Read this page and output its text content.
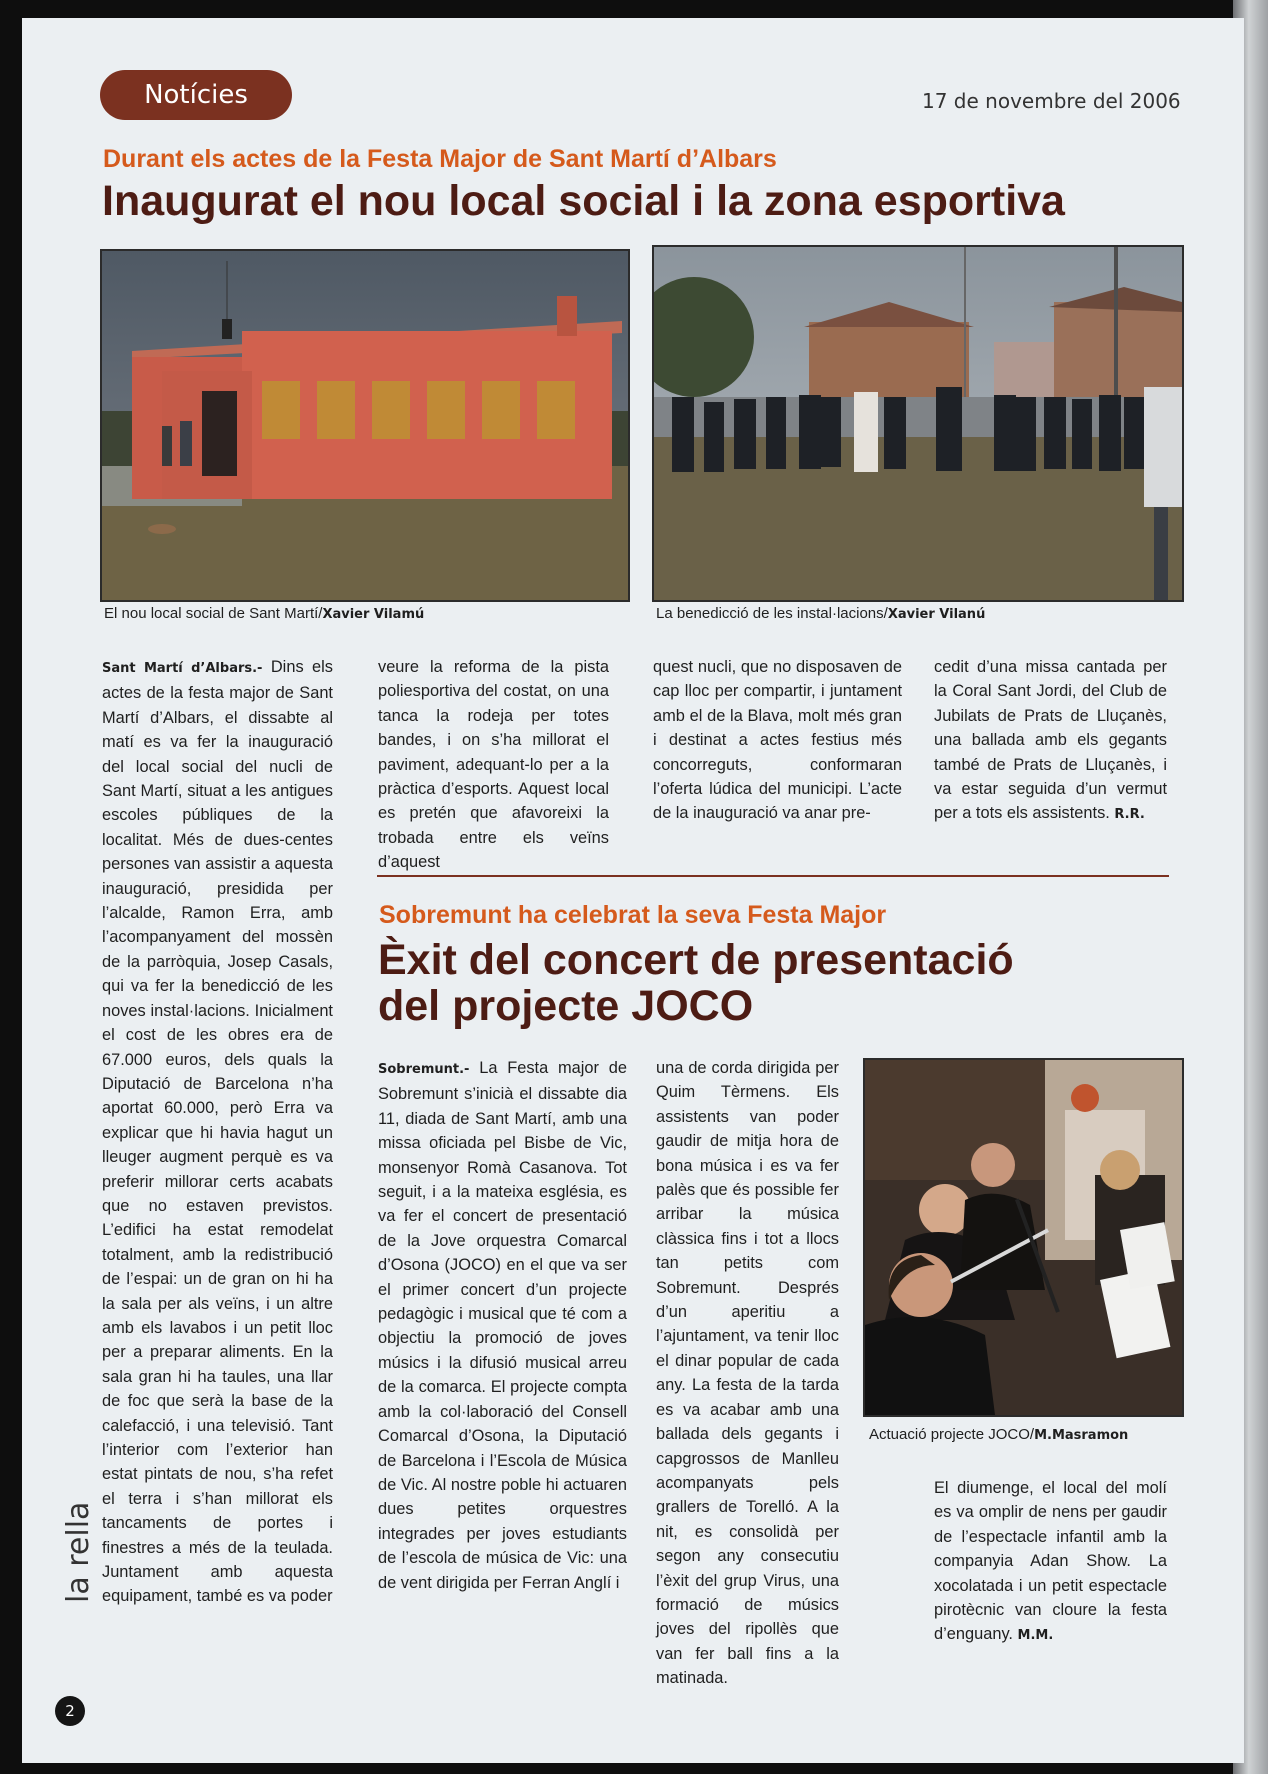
Notícies	17 de novembre del 2006
Durant els actes de la Festa Major de Sant Martí d’Albars
Inaugurat el nou local social i la zona esportiva
El nou local social de Sant Martí/Xavier Vilamú	La benedicció de les instal·lacions/Xavier Vilanú

Sant Martí d’Albars.- Dins els actes de la festa major de Sant Martí d’Albars, el dissabte al matí es va fer la inauguració del local social del nucli de Sant Martí, situat a les antigues escoles públiques de la localitat. Més de dues-centes persones van assistir a aquesta inauguració, presidida per l’alcalde, Ramon Erra, amb l’acompanyament del mossèn de la parròquia, Josep Casals, qui va fer la benedicció de les noves instal·lacions. Inicialment el cost de les obres era de 67.000 euros, dels quals la Diputació de Barcelona n’ha aportat 60.000, però Erra va explicar que hi havia hagut un lleuger augment perquè es va preferir millorar certs acabats que no estaven previstos. L’edifici ha estat remodelat totalment, amb la redistribució de l’espai: un de gran on hi ha la sala per als veïns, i un altre amb els lavabos i un petit lloc per a preparar aliments. En la sala gran hi ha taules, una llar de foc que serà la base de la calefacció, i una televisió. Tant l’interior com l’exterior han estat pintats de nou, s’ha refet el terra i s’han millorat els tancaments de portes i finestres a més de la teulada. Juntament amb aquesta equipament, també es va poder

veure la reforma de la pista poliesportiva del costat, on una tanca la rodeja per totes bandes, i on s’ha millorat el paviment, adequant-lo per a la pràctica d’esports. Aquest local es pretén que afavoreixi la trobada entre els veïns d’aquest

quest nucli, que no disposaven de cap lloc per compartir, i juntament amb el de la Blava, molt més gran i destinat a actes festius més concorreguts, conformaran l’oferta lúdica del municipi. L’acte de la inauguració va anar pre-

cedit d’una missa cantada per la Coral Sant Jordi, del Club de Jubilats de Prats de Lluçanès, una ballada amb els gegants també de Prats de Lluçanès, i va estar seguida d’un vermut per a tots els assistents. R.R.

Sobremunt ha celebrat la seva Festa Major
Èxit del concert de presentació del projecte JOCO

Sobremunt.- La Festa major de Sobremunt s’inicià el dissabte dia 11, diada de Sant Martí, amb una missa oficiada pel Bisbe de Vic, monsenyor Romà Casanova. Tot seguit, i a la mateixa església, es va fer el concert de presentació de la Jove orquestra Comarcal d’Osona (JOCO) en el que va ser el primer concert d’un projecte pedagògic i musical que té com a objectiu la promoció de joves músics i la difusió musical arreu de la comarca. El projecte compta amb la col·laboració del Consell Comarcal d’Osona, la Diputació de Barcelona i l’Escola de Música de Vic. Al nostre poble hi actuaren dues petites orquestres integrades per joves estudiants de l’escola de música de Vic: una de vent dirigida per Ferran Anglí i

una de corda dirigida per Quim Tèrmens. Els assistents van poder gaudir de mitja hora de bona música i es va fer palès que és possible fer arribar la música clàssica fins i tot a llocs tan petits com Sobremunt. Després d’un aperitiu a l’ajuntament, va tenir lloc el dinar popular de cada any. La festa de la tarda es va acabar amb una ballada dels gegants i capgrossos de Manlleu acompanyats pels grallers de Torelló. A la nit, es consolidà per segon any consecutiu l’èxit del grup Virus, una formació de músics joves del ripollès que van fer ball fins a la matinada.

Actuació projecte JOCO/M.Masramon

El diumenge, el local del molí es va omplir de nens per gaudir de l’espectacle infantil amb la companyia Adan Show. La xocolatada i un petit espectacle pirotècnic van cloure la festa d’enguany. M.M.

la rella
2
